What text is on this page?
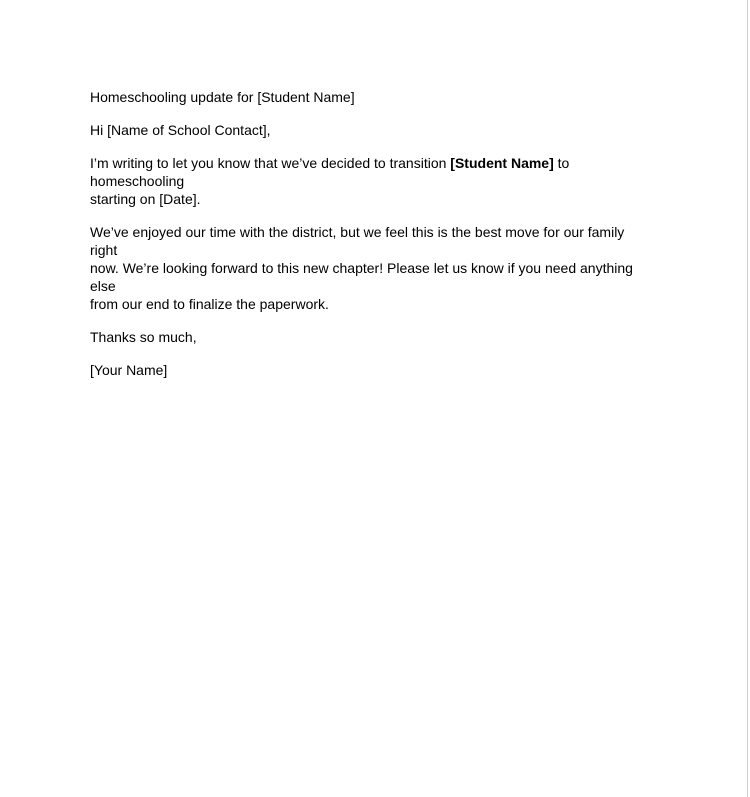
Homeschooling update for [Student Name]

Hi [Name of School Contact],

I’m writing to let you know that we’ve decided to transition [Student Name] to homeschooling
starting on [Date].

We’ve enjoyed our time with the district, but we feel this is the best move for our family right
now. We’re looking forward to this new chapter! Please let us know if you need anything else
from our end to finalize the paperwork.

Thanks so much,

[Your Name]
